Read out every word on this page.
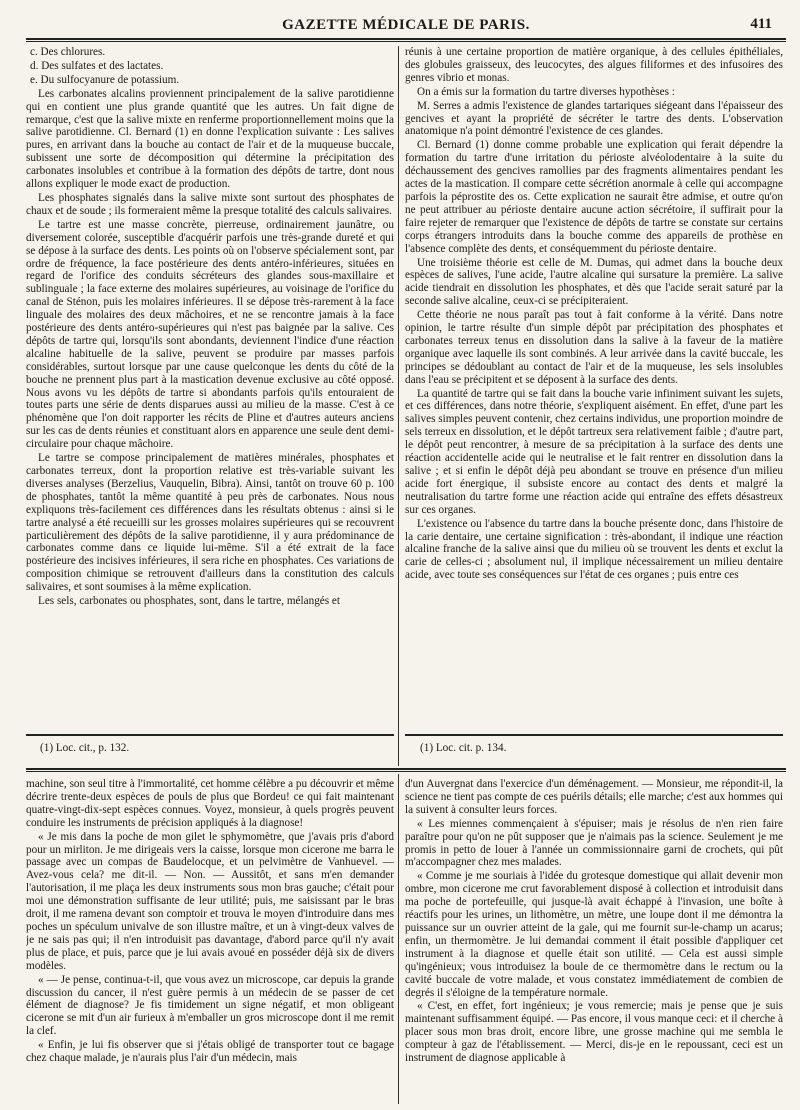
GAZETTE MÉDICALE DE PARIS.	411

c. Des chlorures.

d. Des sulfates et des lactates.

e. Du sulfocyanure de potassium.

Les carbonates alcalins proviennent principalement de la salive parotidienne qui en contient une plus grande quantité que les autres. Un fait digne de remarque, c'est que la salive mixte en renferme proportionnellement moins que la salive parotidienne. Cl. Bernard (1) en donne l'explication suivante : Les salives pures, en arrivant dans la bouche au contact de l'air et de la muqueuse buccale, subissent une sorte de décomposition qui détermine la précipitation des carbonates insolubles et contribue à la formation des dépôts de tartre, dont nous allons expliquer le mode exact de production.

Les phosphates signalés dans la salive mixte sont surtout des phosphates de chaux et de soude ; ils formeraient même la presque totalité des calculs salivaires.

Le tartre est une masse concrète, pierreuse, ordinairement jaunâtre, ou diversement colorée, susceptible d'acquérir parfois une très-grande dureté et qui se dépose à la surface des dents. Les points où on l'observe spécialement sont, par ordre de fréquence, la face postérieure des dents antéro-inférieures, situées en regard de l'orifice des conduits sécréteurs des glandes sous-maxillaire et sublinguale ; la face externe des molaires supérieures, au voisinage de l'orifice du canal de Sténon, puis les molaires inférieures. Il se dépose très-rarement à la face linguale des molaires des deux mâchoires, et ne se rencontre jamais à la face postérieure des dents antéro-supérieures qui n'est pas baignée par la salive. Ces dépôts de tartre qui, lorsqu'ils sont abondants, deviennent l'indice d'une réaction alcaline habituelle de la salive, peuvent se produire par masses parfois considérables, surtout lorsque par une cause quelconque les dents du côté de la bouche ne prennent plus part à la mastication devenue exclusive au côté opposé. Nous avons vu les dépôts de tartre si abondants parfois qu'ils entouraient de toutes parts une série de dents disparues aussi au milieu de la masse. C'est à ce phénomène que l'on doit rapporter les récits de Pline et d'autres auteurs anciens sur les cas de dents réunies et constituant alors en apparence une seule dent demi-circulaire pour chaque mâchoire.

Le tartre se compose principalement de matières minérales, phosphates et carbonates terreux, dont la proportion relative est très-variable suivant les diverses analyses (Berzelius, Vauquelin, Bibra). Ainsi, tantôt on trouve 60 p. 100 de phosphates, tantôt la même quantité à peu près de carbonates. Nous nous expliquons très-facilement ces différences dans les résultats obtenus : ainsi si le tartre analysé a été recueilli sur les grosses molaires supérieures qui se recouvrent particulièrement des dépôts de la salive parotidienne, il y aura prédominance de carbonates comme dans ce liquide lui-même. S'il a été extrait de la face postérieure des incisives inférieures, il sera riche en phosphates. Ces variations de composition chimique se retrouvent d'ailleurs dans la constitution des calculs salivaires, et sont soumises à la même explication.

Les sels, carbonates ou phosphates, sont, dans le tartre, mélangés et

réunis à une certaine proportion de matière organique, à des cellules épithéliales, des globules graisseux, des leucocytes, des algues filiformes et des infusoires des genres vibrio et monas.

On a émis sur la formation du tartre diverses hypothèses :

M. Serres a admis l'existence de glandes tartariques siégeant dans l'épaisseur des gencives et ayant la propriété de sécréter le tartre des dents. L'observation anatomique n'a point démontré l'existence de ces glandes.

Cl. Bernard (1) donne comme probable une explication qui ferait dépendre la formation du tartre d'une irritation du périoste alvéolodentaire à la suite du déchaussement des gencives ramollies par des fragments alimentaires pendant les actes de la mastication. Il compare cette sécrétion anormale à celle qui accompagne parfois la péprostite des os. Cette explication ne saurait être admise, et outre qu'on ne peut attribuer au périoste dentaire aucune action sécrétoire, il suffirait pour la faire rejeter de remarquer que l'existence de dépôts de tartre se constate sur certains corps étrangers introduits dans la bouche comme des appareils de prothèse en l'absence complète des dents, et conséquemment du périoste dentaire.

Une troisième théorie est celle de M. Dumas, qui admet dans la bouche deux espèces de salives, l'une acide, l'autre alcaline qui sursature la première. La salive acide tiendrait en dissolution les phosphates, et dès que l'acide serait saturé par la seconde salive alcaline, ceux-ci se précipiteraient.

Cette théorie ne nous paraît pas tout à fait conforme à la vérité. Dans notre opinion, le tartre résulte d'un simple dépôt par précipitation des phosphates et carbonates terreux tenus en dissolution dans la salive à la faveur de la matière organique avec laquelle ils sont combinés. A leur arrivée dans la cavité buccale, les principes se dédoublant au contact de l'air et de la muqueuse, les sels insolubles dans l'eau se précipitent et se déposent à la surface des dents.

La quantité de tartre qui se fait dans la bouche varie infiniment suivant les sujets, et ces différences, dans notre théorie, s'expliquent aisément. En effet, d'une part les salives simples peuvent contenir, chez certains individus, une proportion moindre de sels terreux en dissolution, et le dépôt tartreux sera relativement faible ; d'autre part, le dépôt peut rencontrer, à mesure de sa précipitation à la surface des dents une réaction accidentelle acide qui le neutralise et le fait rentrer en dissolution dans la salive ; et si enfin le dépôt déjà peu abondant se trouve en présence d'un milieu acide fort énergique, il subsiste encore au contact des dents et malgré la neutralisation du tartre forme une réaction acide qui entraîne des effets désastreux sur ces organes.

L'existence ou l'absence du tartre dans la bouche présente donc, dans l'histoire de la carie dentaire, une certaine signification : très-abondant, il indique une réaction alcaline franche de la salive ainsi que du milieu où se trouvent les dents et exclut la carie de celles-ci ; absolument nul, il implique nécessairement un milieu dentaire acide, avec toute ses conséquences sur l'état de ces organes ; puis entre ces

(1) Loc. cit., p. 132.	(1) Loc. cit. p. 134.

machine, son seul titre à l'immortalité, cet homme célèbre a pu découvrir et même décrire trente-deux espèces de pouls de plus que Bordeu! ce qui fait maintenant quatre-vingt-dix-sept espèces connues. Voyez, monsieur, à quels progrès peuvent conduire les instruments de précision appliqués à la diagnose!

« Je mis dans la poche de mon gilet le sphymomètre, que j'avais pris d'abord pour un mirliton. Je me dirigeais vers la caisse, lorsque mon cicerone me barra le passage avec un compas de Baudelocque, et un pelvimètre de Vanhuevel. — Avez-vous cela? me dit-il. — Non. — Aussitôt, et sans m'en demander l'autorisation, il me plaça les deux instruments sous mon bras gauche; c'était pour moi une démonstration suffisante de leur utilité; puis, me saisissant par le bras droit, il me ramena devant son comptoir et trouva le moyen d'introduire dans mes poches un spéculum univalve de son illustre maître, et un à vingt-deux valves de je ne sais pas qui; il n'en introduisit pas davantage, d'abord parce qu'il n'y avait plus de place, et puis, parce que je lui avais avoué en posséder déjà six de divers modèles.

« — Je pense, continua-t-il, que vous avez un microscope, car depuis la grande discussion du cancer, il n'est guère permis à un médecin de se passer de cet élément de diagnose? Je fis timidement un signe négatif, et mon obligeant cicerone se mit d'un air furieux à m'emballer un gros microscope dont il me remit la clef.

« Enfin, je lui fis observer que si j'étais obligé de transporter tout ce bagage chez chaque malade, je n'aurais plus l'air d'un médecin, mais

d'un Auvergnat dans l'exercice d'un déménagement. — Monsieur, me répondit-il, la science ne tient pas compte de ces puérils détails; elle marche; c'est aux hommes qui la suivent à consulter leurs forces.

« Les miennes commençaient à s'épuiser; mais je résolus de n'en rien faire paraître pour qu'on ne pût supposer que je n'aimais pas la science. Seulement je me promis in petto de louer à l'année un commissionnaire garni de crochets, qui pût m'accompagner chez mes malades.

« Comme je me souriais à l'idée du grotesque domestique qui allait devenir mon ombre, mon cicerone me crut favorablement disposé à collection et introduisit dans ma poche de portefeuille, qui jusque-là avait échappé à l'invasion, une boîte à réactifs pour les urines, un lithomètre, un mètre, une loupe dont il me démontra la puissance sur un ouvrier atteint de la gale, qui me fournit sur-le-champ un acarus; enfin, un thermomètre. Je lui demandai comment il était possible d'appliquer cet instrument à la diagnose et quelle était son utilité. — Cela est aussi simple qu'ingénieux; vous introduisez la boule de ce thermomètre dans le rectum ou la cavité buccale de votre malade, et vous constatez immédiatement de combien de degrés il s'éloigne de la température normale.

« C'est, en effet, fort ingénieux; je vous remercie; mais je pense que je suis maintenant suffisamment équipé. — Pas encore, il vous manque ceci: et il cherche à placer sous mon bras droit, encore libre, une grosse machine qui me sembla le compteur à gaz de l'établissement. — Merci, dis-je en le repoussant, ceci est un instrument de diagnose applicable à
